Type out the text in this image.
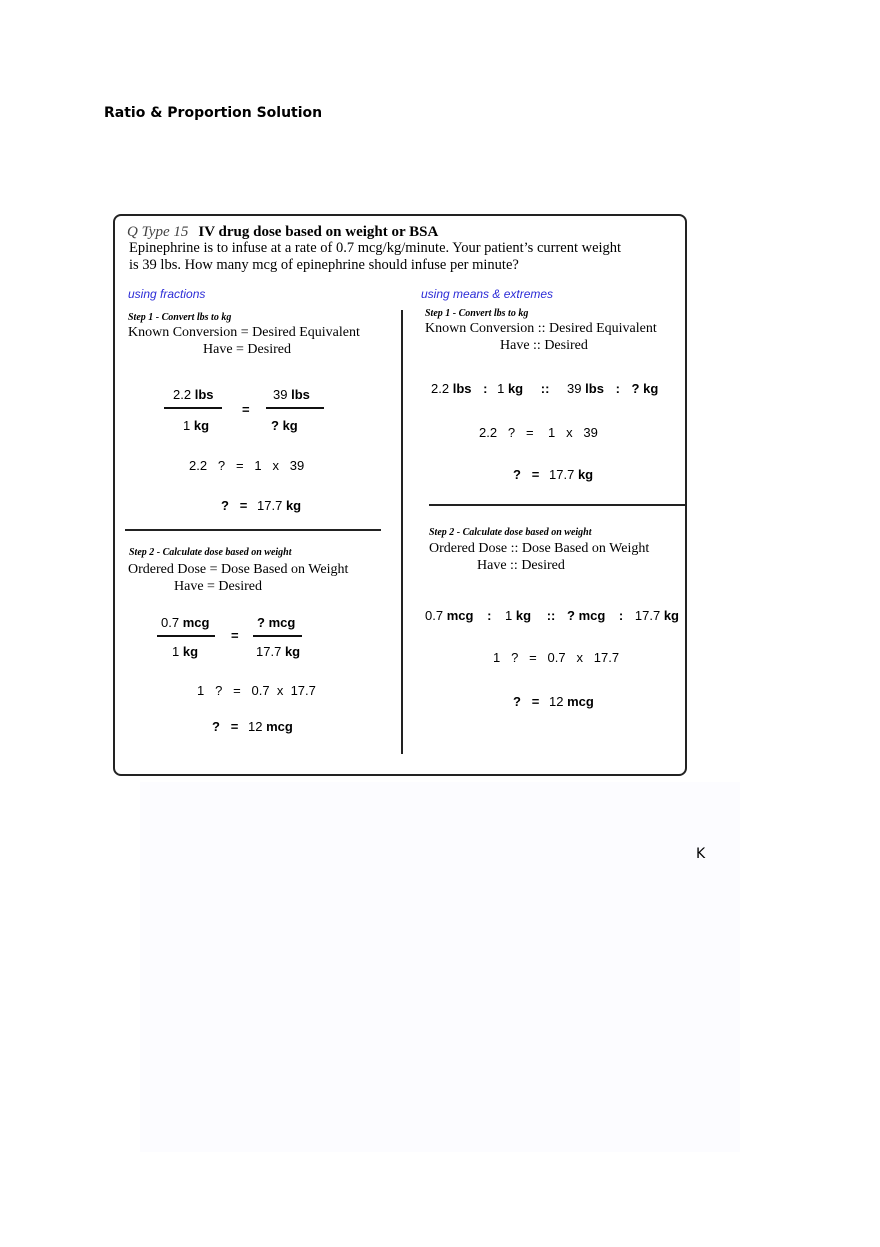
Ratio & Proportion Solution
Q Type 15 IV drug dose based on weight or BSA
Epinephrine is to infuse at a rate of 0.7 mcg/kg/minute. Your patient’s current weight
is 39 lbs. How many mcg of epinephrine should infuse per minute?
using fractions
Step 1 - Convert lbs to kg
Known Conversion = Desired Equivalent
Have = Desired
2.2 lbs
1 kg
=
39 lbs
? kg
2.2   ?   =   1   x   39
?   = 17.7 kg
Step 2 - Calculate dose based on weight
Ordered Dose = Dose Based on Weight
Have = Desired
0.7 mcg
1 kg
=
? mcg
17.7 kg
1   ?   =   0.7  x  17.7
?   = 12 mcg
using means & extremes
Step 1 - Convert lbs to kg
Known Conversion :: Desired Equivalent
Have :: Desired
2.2 lbs : 1 kg :: 39 lbs : ? kg
2.2   ?   =    1   x   39
?   = 17.7 kg
Step 2 - Calculate dose based on weight
Ordered Dose :: Dose Based on Weight
Have :: Desired
0.7 mcg : 1 kg :: ? mcg : 17.7 kg
1   ?   =   0.7   x   17.7
?   = 12 mcg
K
